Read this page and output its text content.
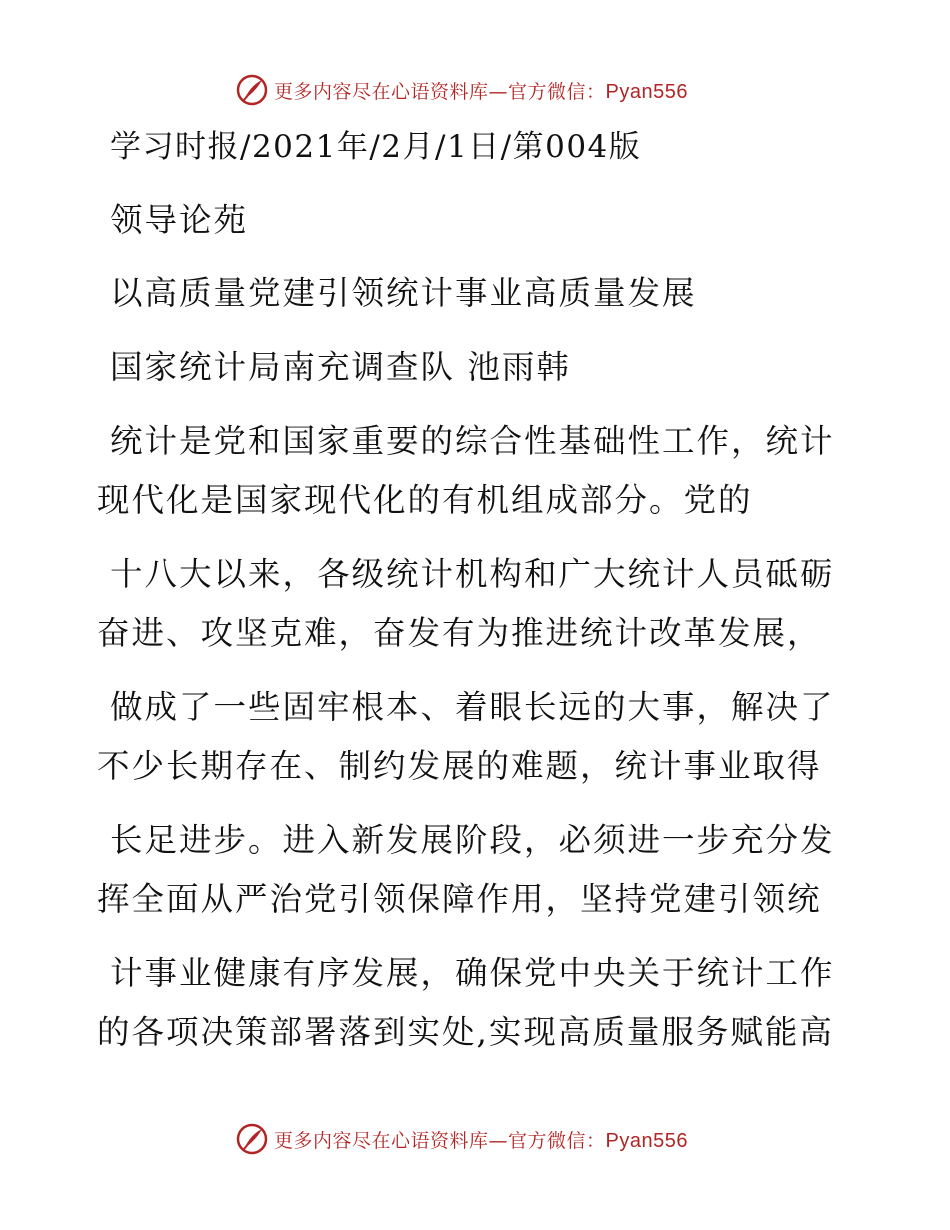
更多内容尽在心语资料库—官方微信：Pyan556
学习时报/2021年/2月/1日/第004版
领导论苑
以高质量党建引领统计事业高质量发展
国家统计局南充调查队 池雨韩
统计是党和国家重要的综合性基础性工作，统计
现代化是国家现代化的有机组成部分。党的
十八大以来，各级统计机构和广大统计人员砥砺
奋进、攻坚克难，奋发有为推进统计改革发展，
做成了一些固牢根本、着眼长远的大事，解决了
不少长期存在、制约发展的难题，统计事业取得
长足进步。进入新发展阶段，必须进一步充分发
挥全面从严治党引领保障作用，坚持党建引领统
计事业健康有序发展，确保党中央关于统计工作
的各项决策部署落到实处,实现高质量服务赋能高
更多内容尽在心语资料库—官方微信：Pyan556
